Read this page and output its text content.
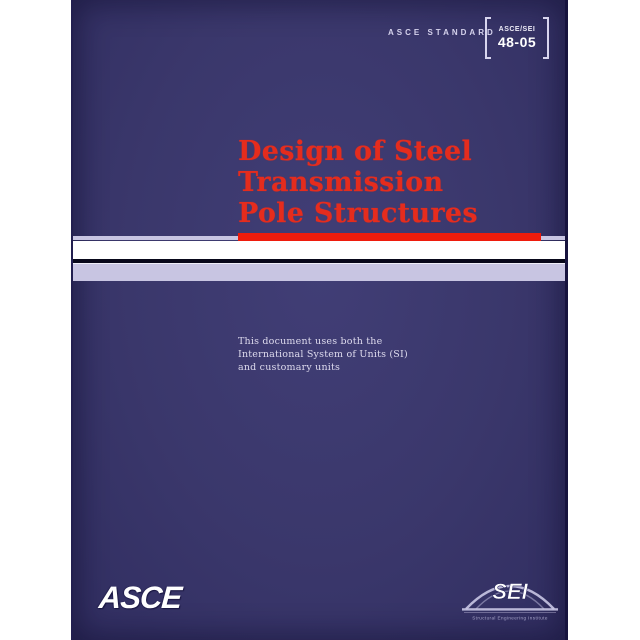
ASCE STANDARD ASCE/SEI
48-05
Design of Steel
Transmission
Pole Structures
This document uses both the
International System of Units (SI)
and customary units
ASCE	SEI
Structural Engineering Institute
